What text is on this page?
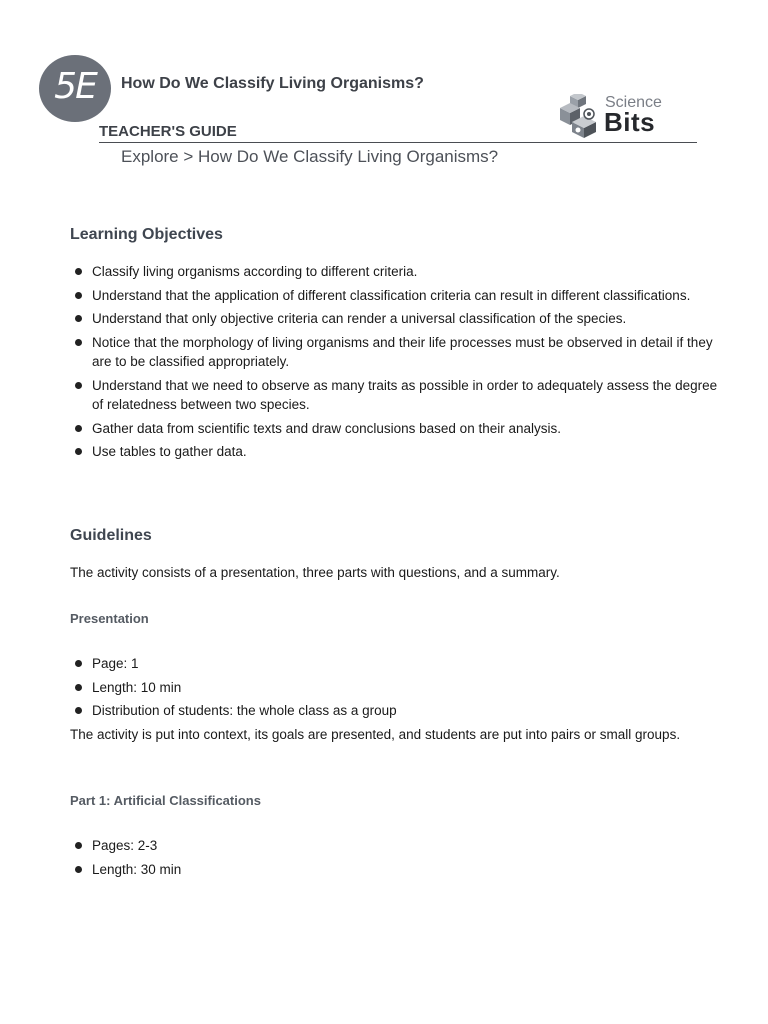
5E How Do We Classify Living Organisms?
Science
Bits
TEACHER'S GUIDE
Explore > How Do We Classify Living Organisms?
Learning Objectives
Classify living organisms according to different criteria.
Understand that the application of different classification criteria can result in different classifications.
Understand that only objective criteria can render a universal classification of the species.
Notice that the morphology of living organisms and their life processes must be observed in detail if they are to be classified appropriately.
Understand that we need to observe as many traits as possible in order to adequately assess the degree of relatedness between two species.
Gather data from scientific texts and draw conclusions based on their analysis.
Use tables to gather data.
Guidelines
The activity consists of a presentation, three parts with questions, and a summary.
Presentation
Page: 1
Length: 10 min
Distribution of students: the whole class as a group
The activity is put into context, its goals are presented, and students are put into pairs or small groups.
Part 1: Artificial Classifications
Pages: 2-3
Length: 30 min
